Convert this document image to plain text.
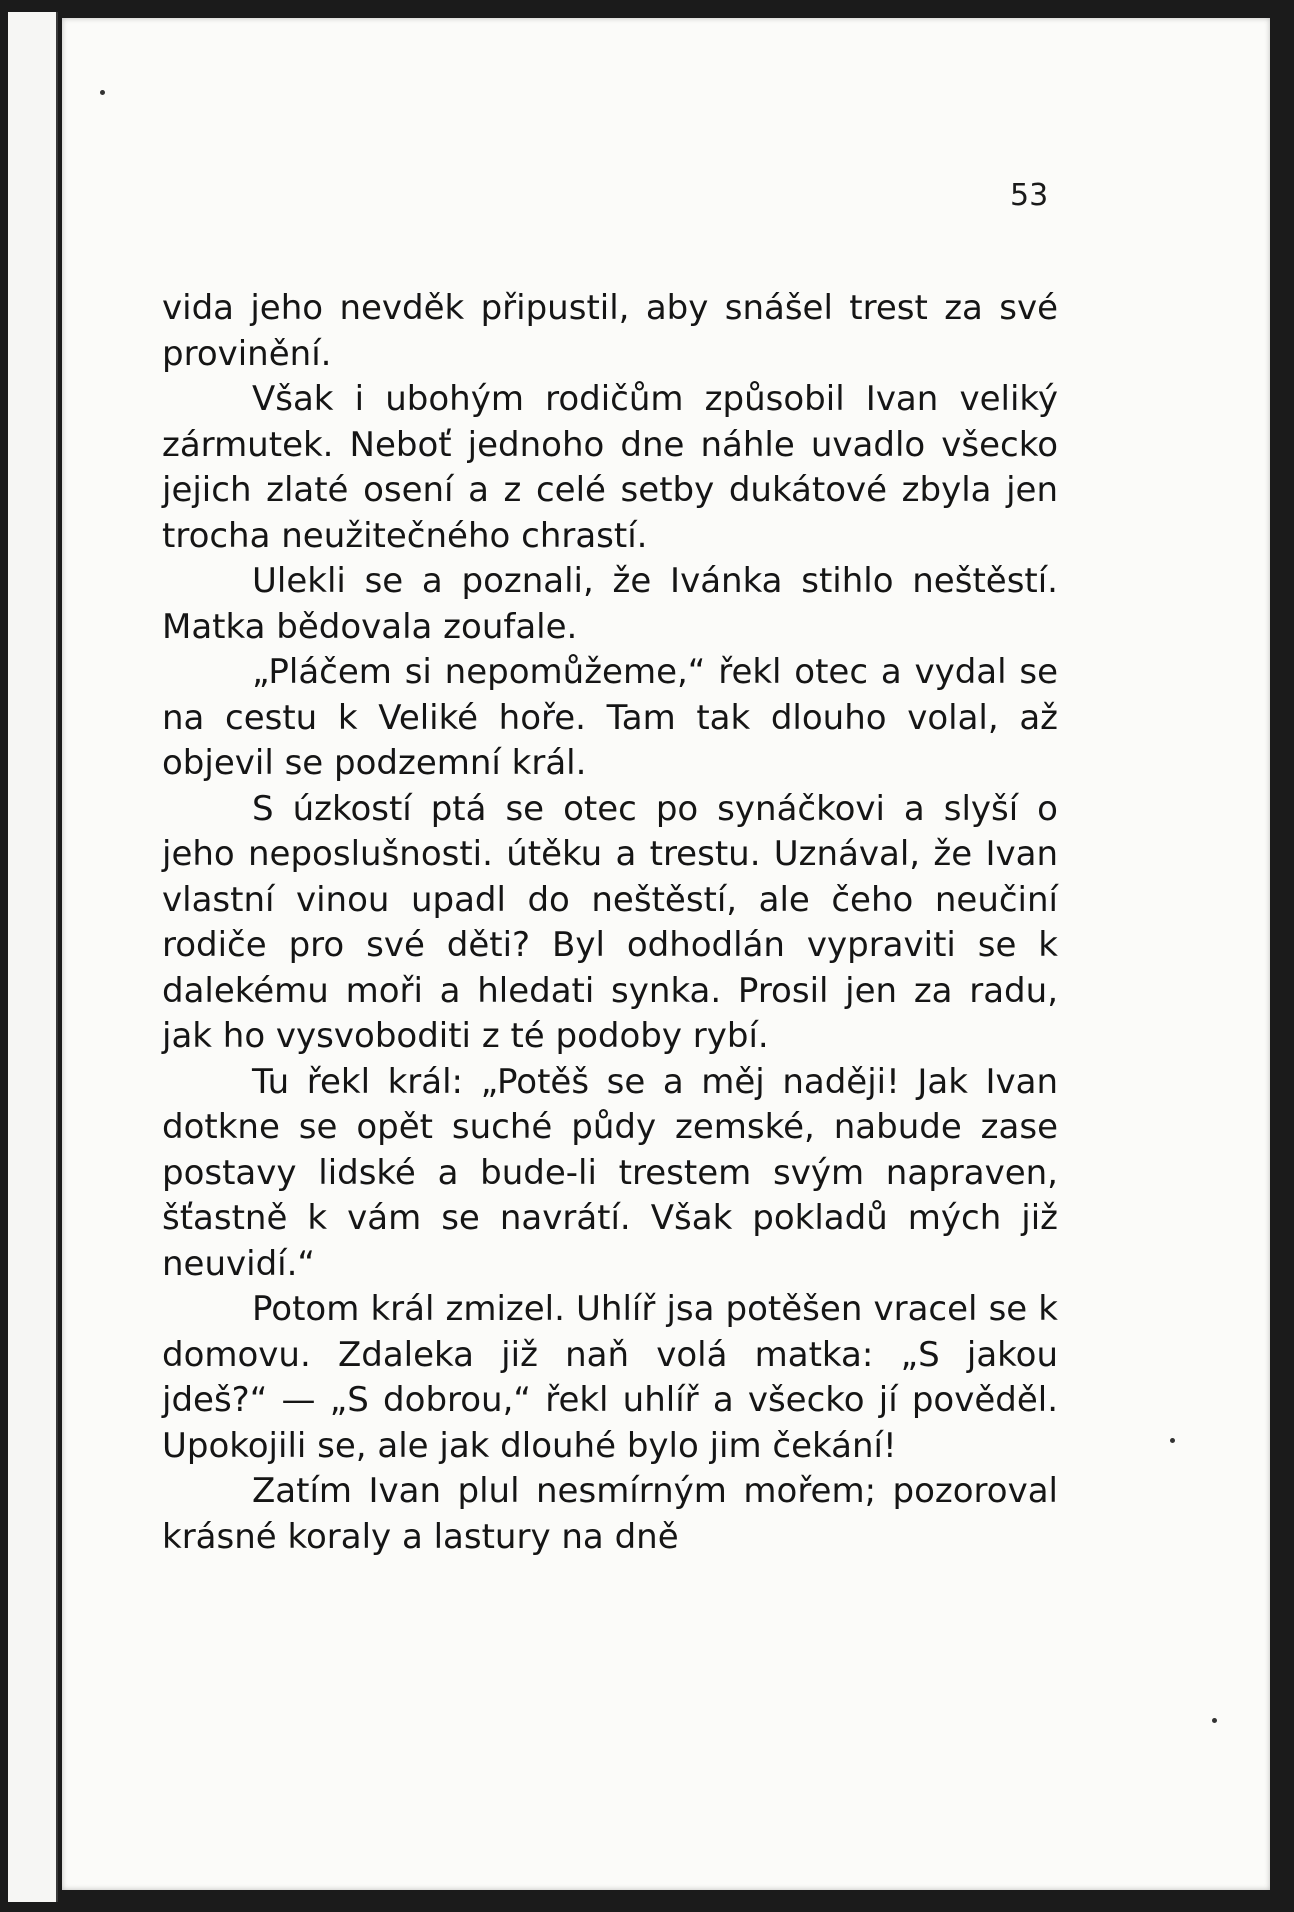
53

vida jeho nevděk připustil, aby snášel trest za své provinění.

Však i ubohým rodičům způsobil Ivan veliký zármutek. Neboť jednoho dne náhle uvadlo všecko jejich zlaté osení a z celé setby dukátové zbyla jen trocha neužitečného chrastí.

Ulekli se a poznali, že Ivánka stihlo neštěstí. Matka bědovala zoufale.

„Pláčem si nepomůžeme,“ řekl otec a vydal se na cestu k Veliké hoře. Tam tak dlouho volal, až objevil se podzemní král.

S úzkostí ptá se otec po synáčkovi a slyší o jeho neposlušnosti. útěku a trestu. Uznával, že Ivan vlastní vinou upadl do neštěstí, ale čeho neučiní rodiče pro své děti? Byl odhodlán vypraviti se k dalekému moři a hledati synka. Prosil jen za radu, jak ho vysvoboditi z té podoby rybí.

Tu řekl král: „Potěš se a měj naději! Jak Ivan dotkne se opět suché půdy zemské, nabude zase postavy lidské a bude-li trestem svým napraven, šťastně k vám se navrátí. Však pokladů mých již neuvidí.“

Potom král zmizel. Uhlíř jsa potěšen vracel se k domovu. Zdaleka již naň volá matka: „S jakou jdeš?“ — „S dobrou,“ řekl uhlíř a všecko jí pověděl. Upokojili se, ale jak dlouhé bylo jim čekání!

Zatím Ivan plul nesmírným mořem; pozoroval krásné koraly a lastury na dně
